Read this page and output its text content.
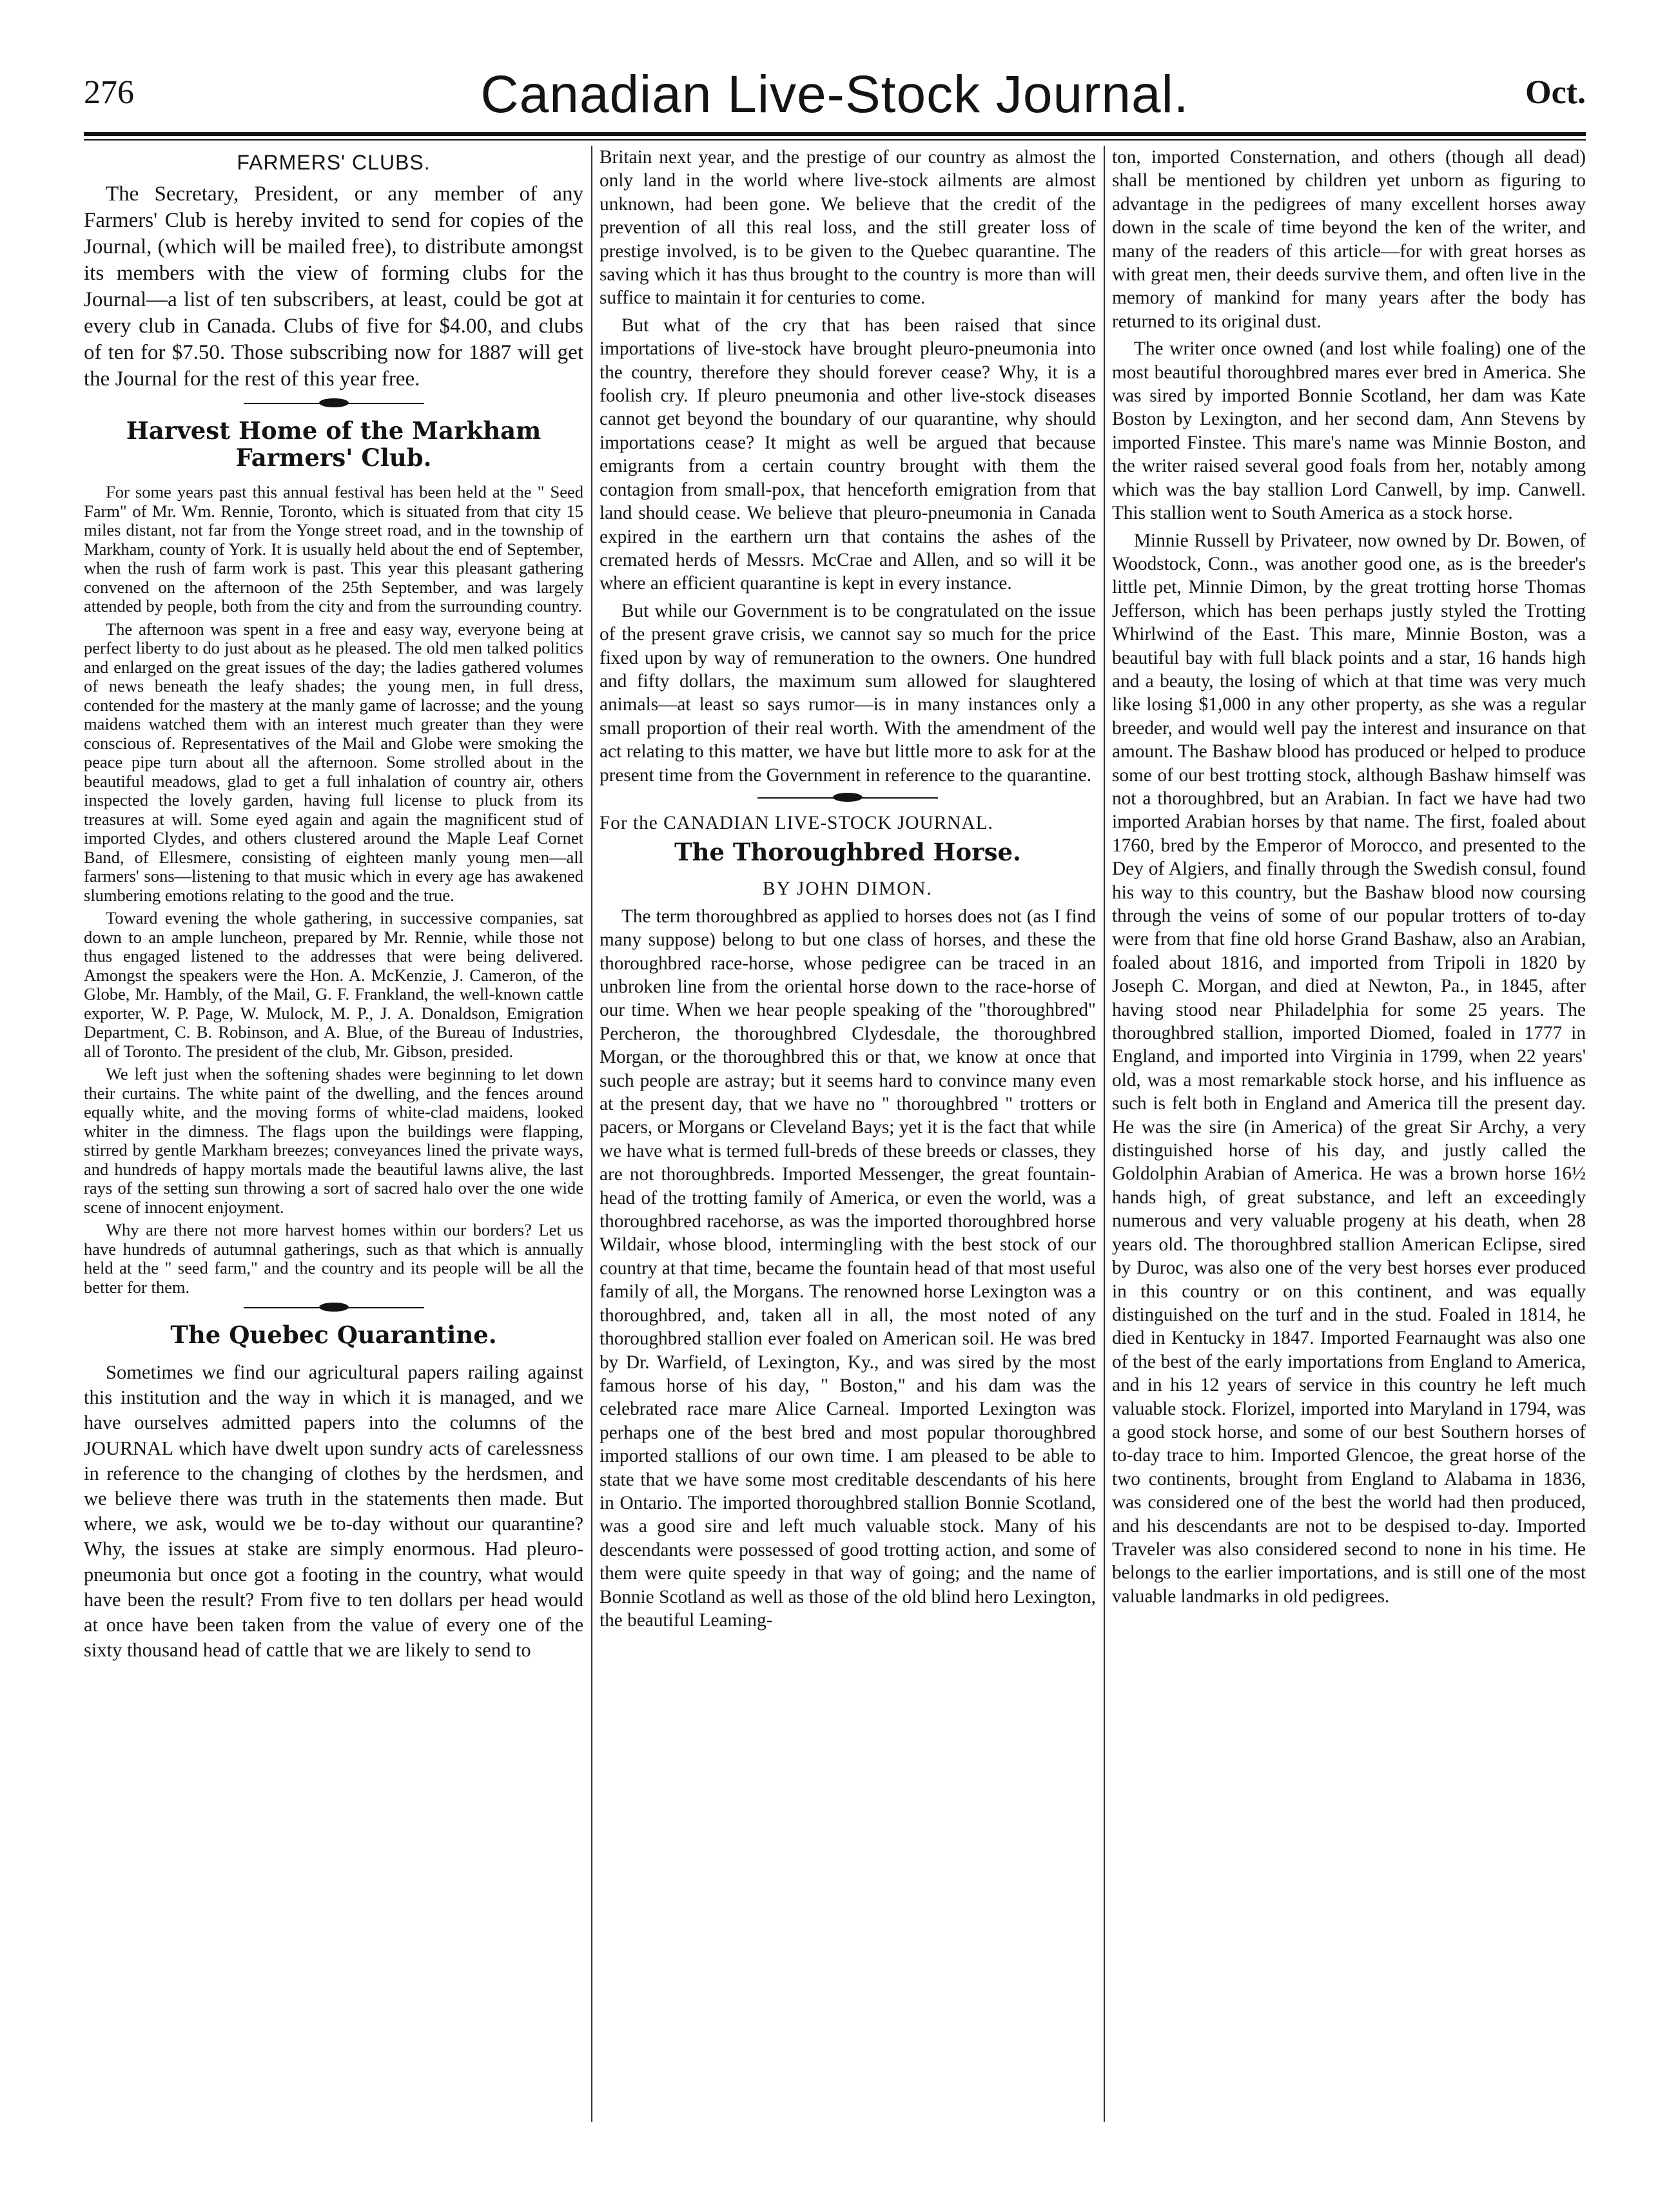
276	Canadian Live-Stock Journal.	Oct.
FARMERS' CLUBS.

The Secretary, President, or any member of any Farmers' Club is hereby invited to send for copies of the Journal, (which will be mailed free), to distribute amongst its members with the view of forming clubs for the Journal—a list of ten subscribers, at least, could be got at every club in Canada. Clubs of five for $4.00, and clubs of ten for $7.50. Those subscribing now for 1887 will get the Journal for the rest of this year free.

Harvest Home of the Markham Farmers' Club.

For some years past this annual festival has been held at the " Seed Farm" of Mr. Wm. Rennie, Toronto, which is situated from that city 15 miles distant, not far from the Yonge street road, and in the township of Markham, county of York. It is usually held about the end of September, when the rush of farm work is past. This year this pleasant gathering convened on the afternoon of the 25th September, and was largely attended by people, both from the city and from the surrounding country.

The afternoon was spent in a free and easy way, everyone being at perfect liberty to do just about as he pleased. The old men talked politics and enlarged on the great issues of the day; the ladies gathered volumes of news beneath the leafy shades; the young men, in full dress, contended for the mastery at the manly game of lacrosse; and the young maidens watched them with an interest much greater than they were conscious of. Representatives of the Mail and Globe were smoking the peace pipe turn about all the afternoon. Some strolled about in the beautiful meadows, glad to get a full inhalation of country air, others inspected the lovely garden, having full license to pluck from its treasures at will. Some eyed again and again the magnificent stud of imported Clydes, and others clustered around the Maple Leaf Cornet Band, of Ellesmere, consisting of eighteen manly young men—all farmers' sons—listening to that music which in every age has awakened slumbering emotions relating to the good and the true.

Toward evening the whole gathering, in successive companies, sat down to an ample luncheon, prepared by Mr. Rennie, while those not thus engaged listened to the addresses that were being delivered. Amongst the speakers were the Hon. A. McKenzie, J. Cameron, of the Globe, Mr. Hambly, of the Mail, G. F. Frankland, the well-known cattle exporter, W. P. Page, W. Mulock, M. P., J. A. Donaldson, Emigration Department, C. B. Robinson, and A. Blue, of the Bureau of Industries, all of Toronto. The president of the club, Mr. Gibson, presided.

We left just when the softening shades were beginning to let down their curtains. The white paint of the dwelling, and the fences around equally white, and the moving forms of white-clad maidens, looked whiter in the dimness. The flags upon the buildings were flapping, stirred by gentle Markham breezes; conveyances lined the private ways, and hundreds of happy mortals made the beautiful lawns alive, the last rays of the setting sun throwing a sort of sacred halo over the one wide scene of innocent enjoyment.

Why are there not more harvest homes within our borders? Let us have hundreds of autumnal gatherings, such as that which is annually held at the " seed farm," and the country and its people will be all the better for them.

The Quebec Quarantine.

Sometimes we find our agricultural papers railing against this institution and the way in which it is managed, and we have ourselves admitted papers into the columns of the JOURNAL which have dwelt upon sundry acts of carelessness in reference to the changing of clothes by the herdsmen, and we believe there was truth in the statements then made. But where, we ask, would we be to-day without our quarantine? Why, the issues at stake are simply enormous. Had pleuro-pneumonia but once got a footing in the country, what would have been the result? From five to ten dollars per head would at once have been taken from the value of every one of the sixty thousand head of cattle that we are likely to send to

Britain next year, and the prestige of our country as almost the only land in the world where live-stock ailments are almost unknown, had been gone. We believe that the credit of the prevention of all this real loss, and the still greater loss of prestige involved, is to be given to the Quebec quarantine. The saving which it has thus brought to the country is more than will suffice to maintain it for centuries to come.

But what of the cry that has been raised that since importations of live-stock have brought pleuro-pneumonia into the country, therefore they should forever cease? Why, it is a foolish cry. If pleuro pneumonia and other live-stock diseases cannot get beyond the boundary of our quarantine, why should importations cease? It might as well be argued that because emigrants from a certain country brought with them the contagion from small-pox, that henceforth emigration from that land should cease. We believe that pleuro-pneumonia in Canada expired in the earthern urn that contains the ashes of the cremated herds of Messrs. McCrae and Allen, and so will it be where an efficient quarantine is kept in every instance.

But while our Government is to be congratulated on the issue of the present grave crisis, we cannot say so much for the price fixed upon by way of remuneration to the owners. One hundred and fifty dollars, the maximum sum allowed for slaughtered animals—at least so says rumor—is in many instances only a small proportion of their real worth. With the amendment of the act relating to this matter, we have but little more to ask for at the present time from the Government in reference to the quarantine.

For the CANADIAN LIVE-STOCK JOURNAL.

The Thoroughbred Horse.

BY JOHN DIMON.

The term thoroughbred as applied to horses does not (as I find many suppose) belong to but one class of horses, and these the thoroughbred race-horse, whose pedigree can be traced in an unbroken line from the oriental horse down to the race-horse of our time. When we hear people speaking of the "thoroughbred" Percheron, the thoroughbred Clydesdale, the thoroughbred Morgan, or the thoroughbred this or that, we know at once that such people are astray; but it seems hard to convince many even at the present day, that we have no " thoroughbred " trotters or pacers, or Morgans or Cleveland Bays; yet it is the fact that while we have what is termed full-breds of these breeds or classes, they are not thoroughbreds. Imported Messenger, the great fountain-head of the trotting family of America, or even the world, was a thoroughbred racehorse, as was the imported thoroughbred horse Wildair, whose blood, intermingling with the best stock of our country at that time, became the fountain head of that most useful family of all, the Morgans. The renowned horse Lexington was a thoroughbred, and, taken all in all, the most noted of any thoroughbred stallion ever foaled on American soil. He was bred by Dr. Warfield, of Lexington, Ky., and was sired by the most famous horse of his day, " Boston," and his dam was the celebrated race mare Alice Carneal. Imported Lexington was perhaps one of the best bred and most popular thoroughbred imported stallions of our own time. I am pleased to be able to state that we have some most creditable descendants of his here in Ontario. The imported thoroughbred stallion Bonnie Scotland, was a good sire and left much valuable stock. Many of his descendants were possessed of good trotting action, and some of them were quite speedy in that way of going; and the name of Bonnie Scotland as well as those of the old blind hero Lexington, the beautiful Leaming-

ton, imported Consternation, and others (though all dead) shall be mentioned by children yet unborn as figuring to advantage in the pedigrees of many excellent horses away down in the scale of time beyond the ken of the writer, and many of the readers of this article—for with great horses as with great men, their deeds survive them, and often live in the memory of mankind for many years after the body has returned to its original dust.

The writer once owned (and lost while foaling) one of the most beautiful thoroughbred mares ever bred in America. She was sired by imported Bonnie Scotland, her dam was Kate Boston by Lexington, and her second dam, Ann Stevens by imported Finstee. This mare's name was Minnie Boston, and the writer raised several good foals from her, notably among which was the bay stallion Lord Canwell, by imp. Canwell. This stallion went to South America as a stock horse.

Minnie Russell by Privateer, now owned by Dr. Bowen, of Woodstock, Conn., was another good one, as is the breeder's little pet, Minnie Dimon, by the great trotting horse Thomas Jefferson, which has been perhaps justly styled the Trotting Whirlwind of the East. This mare, Minnie Boston, was a beautiful bay with full black points and a star, 16 hands high and a beauty, the losing of which at that time was very much like losing $1,000 in any other property, as she was a regular breeder, and would well pay the interest and insurance on that amount. The Bashaw blood has produced or helped to produce some of our best trotting stock, although Bashaw himself was not a thoroughbred, but an Arabian. In fact we have had two imported Arabian horses by that name. The first, foaled about 1760, bred by the Emperor of Morocco, and presented to the Dey of Algiers, and finally through the Swedish consul, found his way to this country, but the Bashaw blood now coursing through the veins of some of our popular trotters of to-day were from that fine old horse Grand Bashaw, also an Arabian, foaled about 1816, and imported from Tripoli in 1820 by Joseph C. Morgan, and died at Newton, Pa., in 1845, after having stood near Philadelphia for some 25 years. The thoroughbred stallion, imported Diomed, foaled in 1777 in England, and imported into Virginia in 1799, when 22 years' old, was a most remarkable stock horse, and his influence as such is felt both in England and America till the present day. He was the sire (in America) of the great Sir Archy, a very distinguished horse of his day, and justly called the Goldolphin Arabian of America. He was a brown horse 16½ hands high, of great substance, and left an exceedingly numerous and very valuable progeny at his death, when 28 years old. The thoroughbred stallion American Eclipse, sired by Duroc, was also one of the very best horses ever produced in this country or on this continent, and was equally distinguished on the turf and in the stud. Foaled in 1814, he died in Kentucky in 1847. Imported Fearnaught was also one of the best of the early importations from England to America, and in his 12 years of service in this country he left much valuable stock. Florizel, imported into Maryland in 1794, was a good stock horse, and some of our best Southern horses of to-day trace to him. Imported Glencoe, the great horse of the two continents, brought from England to Alabama in 1836, was considered one of the best the world had then produced, and his descendants are not to be despised to-day. Imported Traveler was also considered second to none in his time. He belongs to the earlier importations, and is still one of the most valuable landmarks in old pedigrees.
